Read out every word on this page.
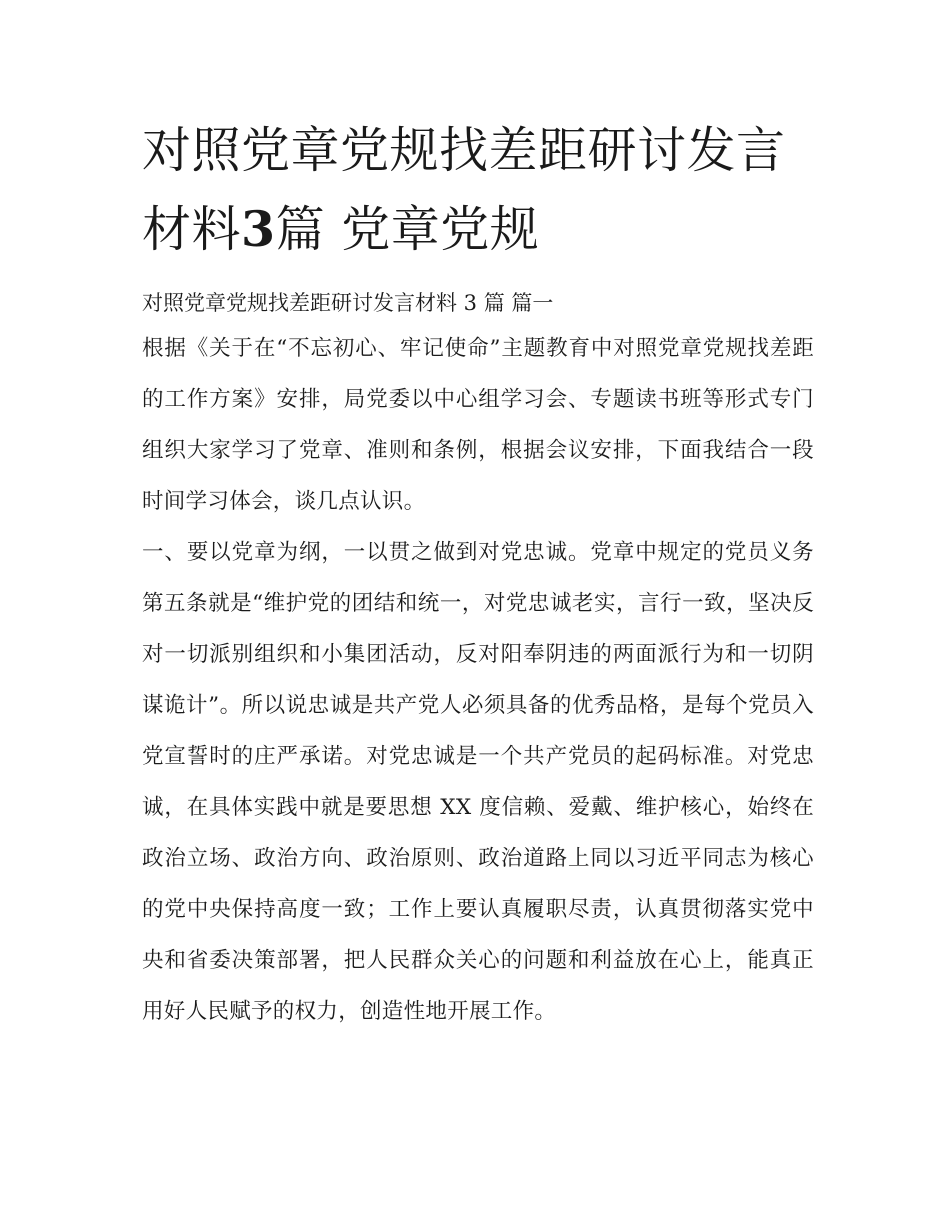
对照党章党规找差距研讨发言材料3篇 党章党规

对照党章党规找差距研讨发言材料 3 篇 篇一

根据《关于在“不忘初心、牢记使命”主题教育中对照党章党规找差距的工作方案》安排，局党委以中心组学习会、专题读书班等形式专门组织大家学习了党章、准则和条例，根据会议安排，下面我结合一段时间学习体会，谈几点认识。

一、要以党章为纲，一以贯之做到对党忠诚。党章中规定的党员义务第五条就是“维护党的团结和统一，对党忠诚老实，言行一致，坚决反对一切派别组织和小集团活动，反对阳奉阴违的两面派行为和一切阴谋诡计”。所以说忠诚是共产党人必须具备的优秀品格，是每个党员入党宣誓时的庄严承诺。对党忠诚是一个共产党员的起码标准。对党忠诚，在具体实践中就是要思想 XX 度信赖、爱戴、维护核心，始终在政治立场、政治方向、政治原则、政治道路上同以习近平同志为核心的党中央保持高度一致；工作上要认真履职尽责，认真贯彻落实党中央和省委决策部署，把人民群众关心的问题和利益放在心上，能真正用好人民赋予的权力，创造性地开展工作。
